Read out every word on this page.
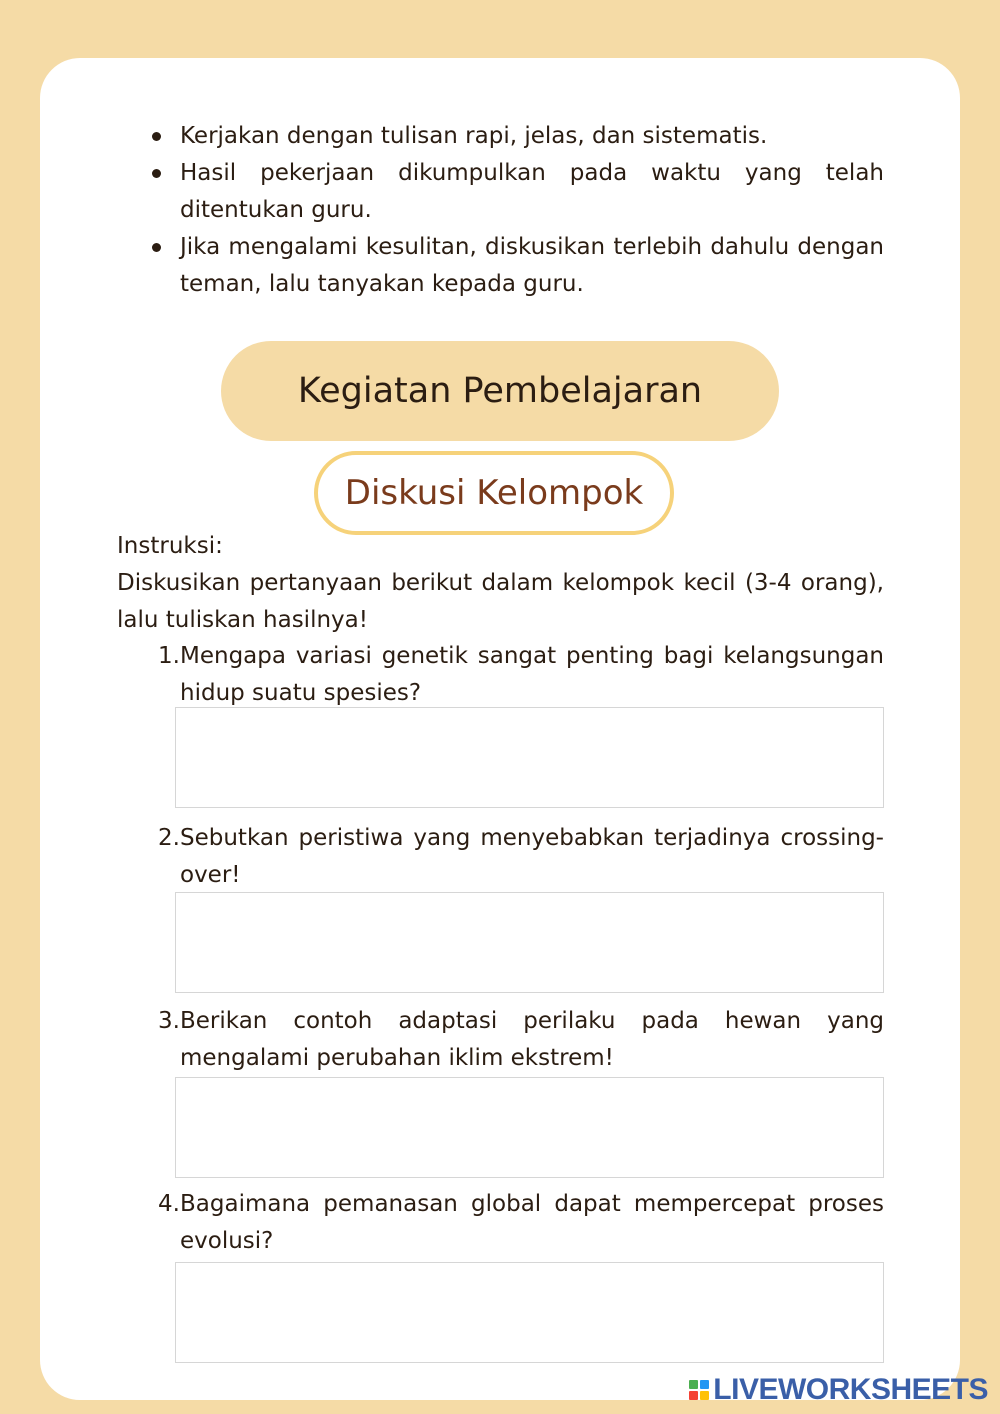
Kerjakan dengan tulisan rapi, jelas, dan sistematis.
Hasil pekerjaan dikumpulkan pada waktu yang telah ditentukan guru.
Jika mengalami kesulitan, diskusikan terlebih dahulu dengan teman, lalu tanyakan kepada guru.
Kegiatan Pembelajaran
Diskusi Kelompok
Instruksi:
Diskusikan pertanyaan berikut dalam kelompok kecil (3-4 orang), lalu tuliskan hasilnya!
1. Mengapa variasi genetik sangat penting bagi kelangsungan hidup suatu spesies?
2. Sebutkan peristiwa yang menyebabkan terjadinya crossing-over!
3. Berikan contoh adaptasi perilaku pada hewan yang mengalami perubahan iklim ekstrem!
4. Bagaimana pemanasan global dapat mempercepat proses evolusi?
LIVEWORKSHEETS
